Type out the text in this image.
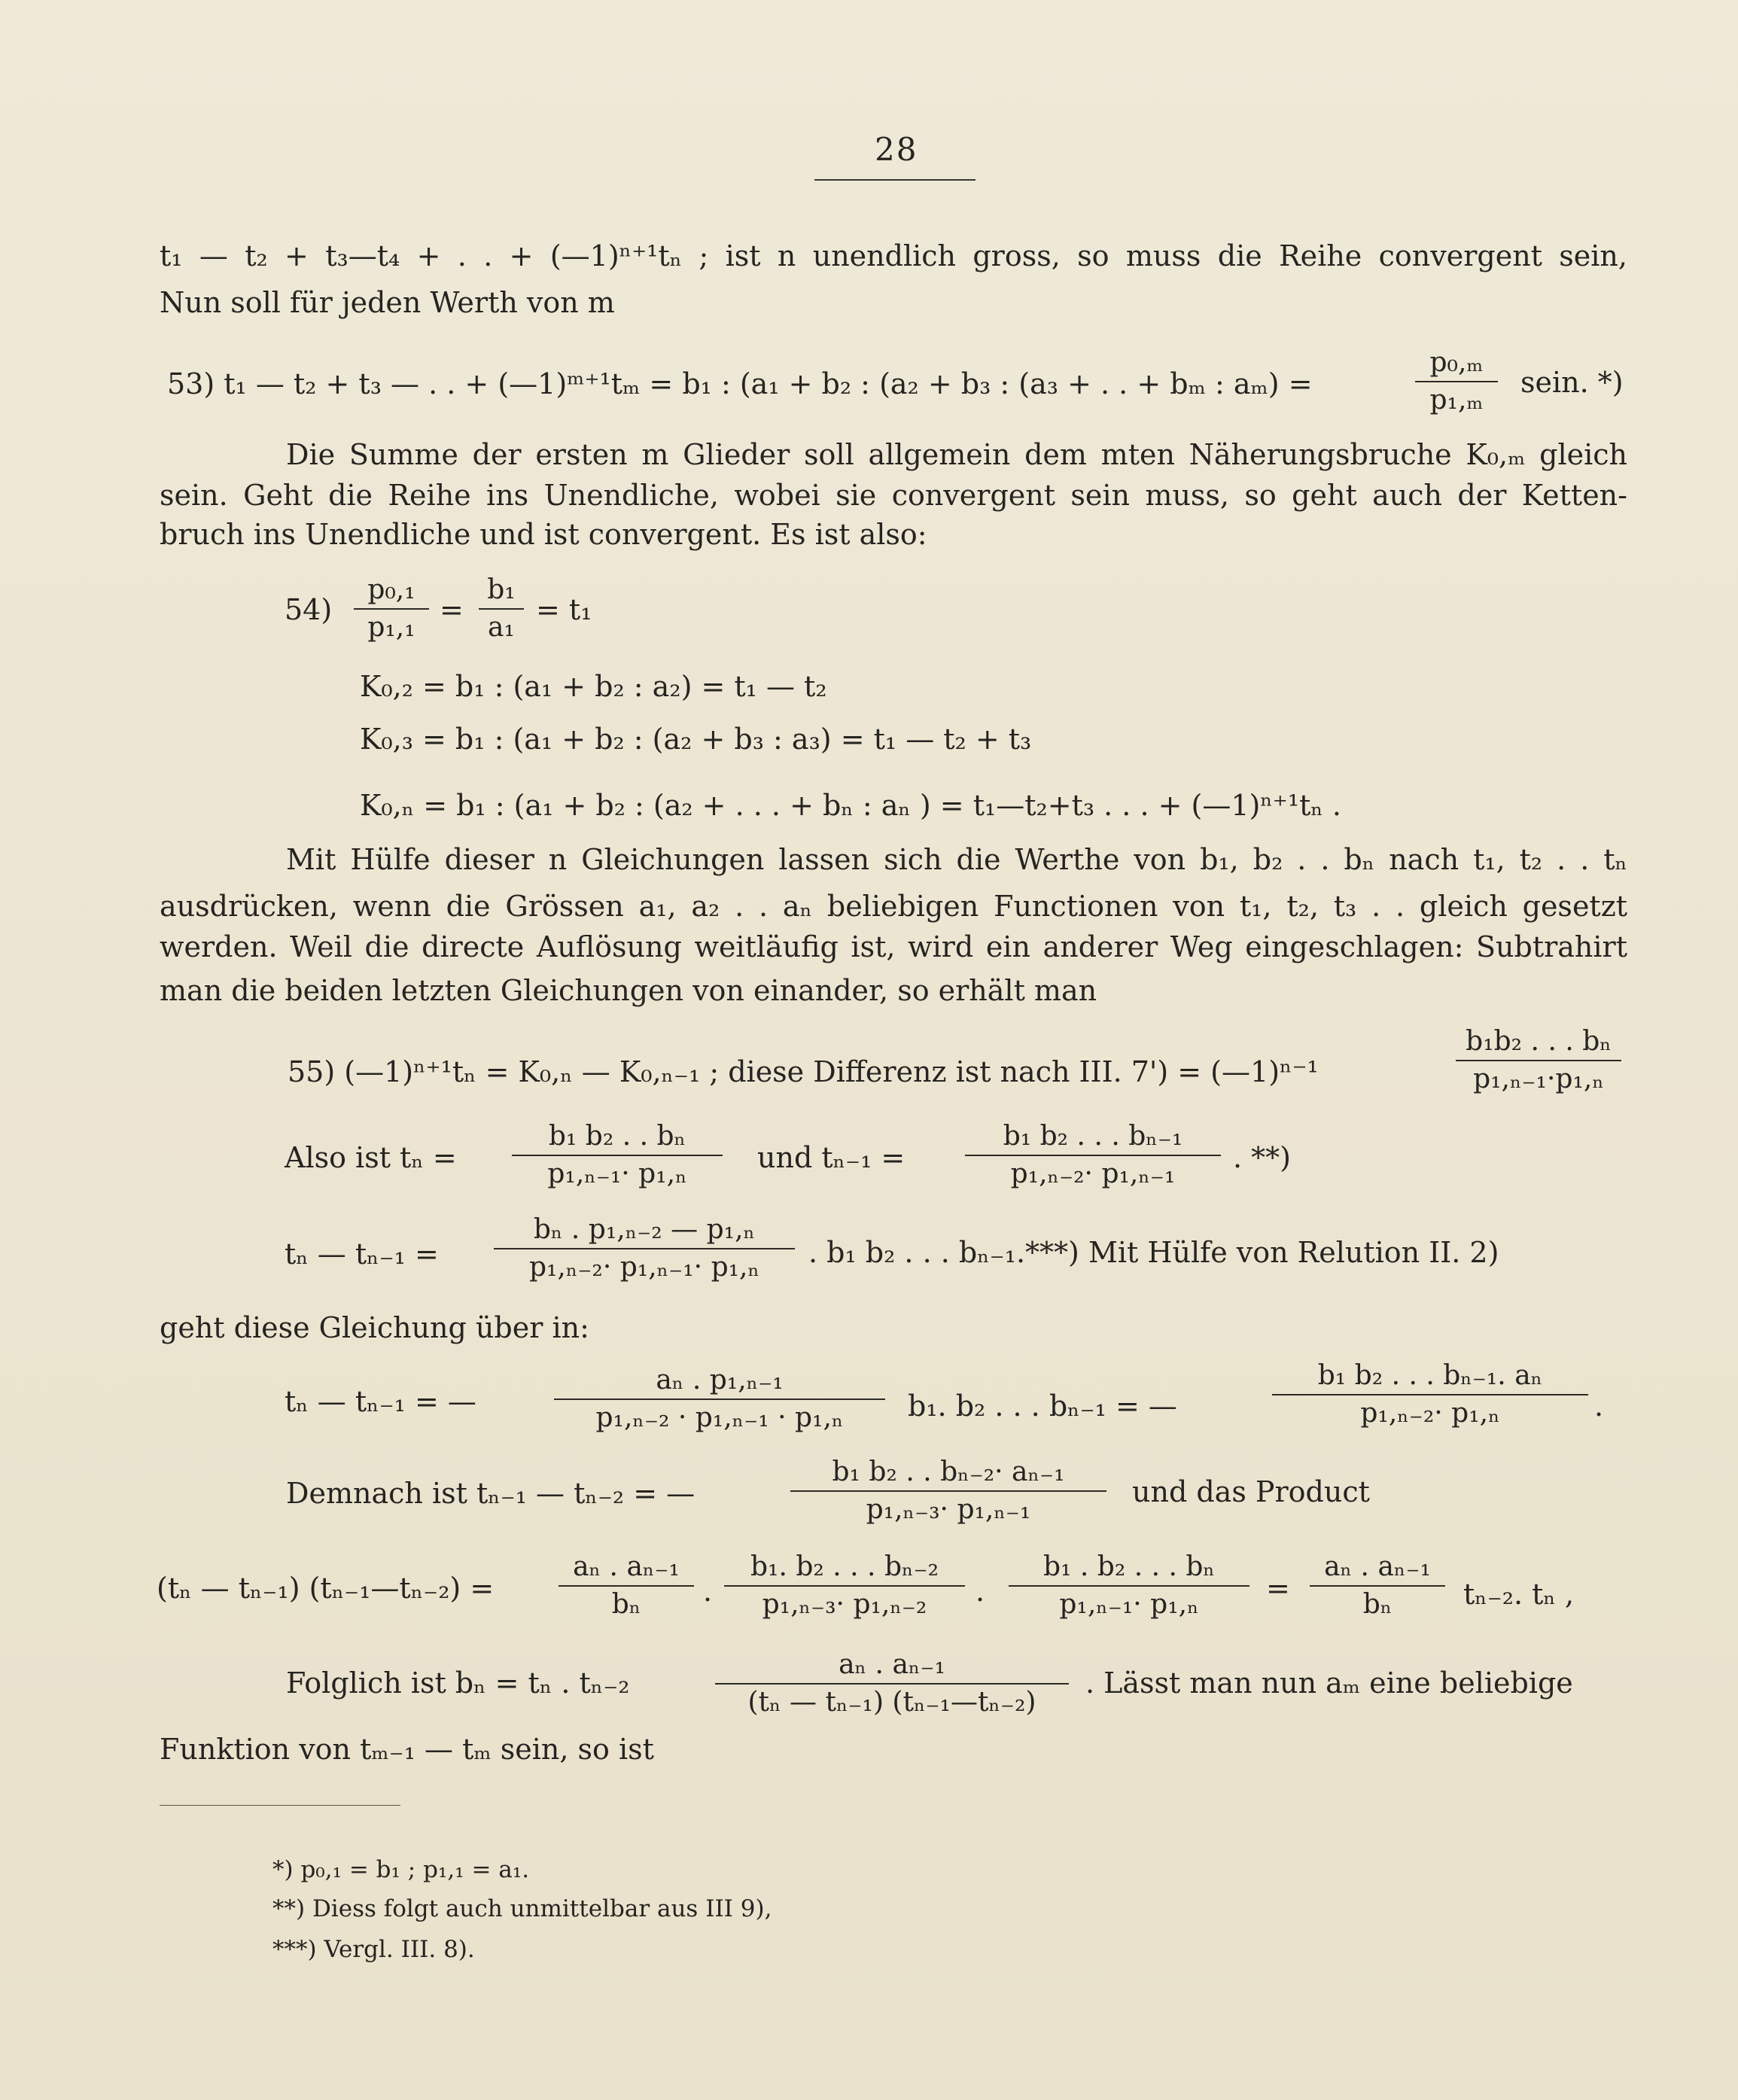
28
t₁ — t₂ + t₃—t₄ + . . + (—1)ⁿ⁺¹tₙ ; ist n unendlich gross, so muss die Reihe convergent sein,
Nun soll für jeden Werth von m
53) t₁ — t₂ + t₃ — . . + (—1)ᵐ⁺¹tₘ = b₁ : (a₁ + b₂ : (a₂ + b₃ : (a₃ + . . + bₘ : aₘ) =
p₀,ₘ
p₁,ₘ
sein. *)
Die Summe der ersten m Glieder soll allgemein dem mten Näherungsbruche K₀,ₘ gleich
sein. Geht die Reihe ins Unendliche, wobei sie convergent sein muss, so geht auch der Ketten-
bruch ins Unendliche und ist convergent. Es ist also:
54)
p₀,₁
p₁,₁
=
b₁
a₁
= t₁
K₀,₂ = b₁ : (a₁ + b₂ : a₂) = t₁ — t₂
K₀,₃ = b₁ : (a₁ + b₂ : (a₂ + b₃ : a₃) = t₁ — t₂ + t₃
K₀,ₙ = b₁ : (a₁ + b₂ : (a₂ + . . . + bₙ : aₙ ) = t₁—t₂+t₃ . . . + (—1)ⁿ⁺¹tₙ .
Mit Hülfe dieser n Gleichungen lassen sich die Werthe von b₁, b₂ . . bₙ nach t₁, t₂ . . tₙ
ausdrücken, wenn die Grössen a₁, a₂ . . aₙ beliebigen Functionen von t₁, t₂, t₃ . . gleich gesetzt
werden. Weil die directe Auflösung weitläufig ist, wird ein anderer Weg eingeschlagen: Subtrahirt
man die beiden letzten Gleichungen von einander, so erhält man
55) (—1)ⁿ⁺¹tₙ = K₀,ₙ — K₀,ₙ₋₁ ; diese Differenz ist nach III. 7') = (—1)ⁿ⁻¹
b₁b₂ . . . bₙ
p₁,ₙ₋₁·p₁,ₙ
Also ist tₙ =
b₁ b₂ . . bₙ
p₁,ₙ₋₁· p₁,ₙ	und tₙ₋₁ =
b₁ b₂ . . . bₙ₋₁
p₁,ₙ₋₂· p₁,ₙ₋₁	. **)
tₙ — tₙ₋₁ =
bₙ . p₁,ₙ₋₂ — p₁,ₙ
p₁,ₙ₋₂· p₁,ₙ₋₁· p₁,ₙ	. b₁ b₂ . . . bₙ₋₁.***) Mit Hülfe von Relution II. 2)
geht diese Gleichung über in:
tₙ — tₙ₋₁ = —
aₙ . p₁,ₙ₋₁
p₁,ₙ₋₂ · p₁,ₙ₋₁ · p₁,ₙ	b₁. b₂ . . . bₙ₋₁ = —
b₁ b₂ . . . bₙ₋₁. aₙ
p₁,ₙ₋₂· p₁,ₙ	.
Demnach ist tₙ₋₁ — tₙ₋₂ = —
b₁ b₂ . . bₙ₋₂· aₙ₋₁
p₁,ₙ₋₃· p₁,ₙ₋₁
und das Product
(tₙ — tₙ₋₁) (tₙ₋₁—tₙ₋₂) =
aₙ . aₙ₋₁
bₙ	.
b₁. b₂ . . . bₙ₋₂
p₁,ₙ₋₃· p₁,ₙ₋₂	.
b₁ . b₂ . . . bₙ
p₁,ₙ₋₁· p₁,ₙ	=
aₙ . aₙ₋₁
bₙ	tₙ₋₂. tₙ ,
Folglich ist bₙ = tₙ . tₙ₋₂
aₙ . aₙ₋₁
(tₙ — tₙ₋₁) (tₙ₋₁—tₙ₋₂)
. Lässt man nun aₘ eine beliebige
Funktion von tₘ₋₁ — tₘ sein, so ist
*) p₀,₁ = b₁ ; p₁,₁ = a₁.
**) Diess folgt auch unmittelbar aus III 9),
***) Vergl. III. 8).
